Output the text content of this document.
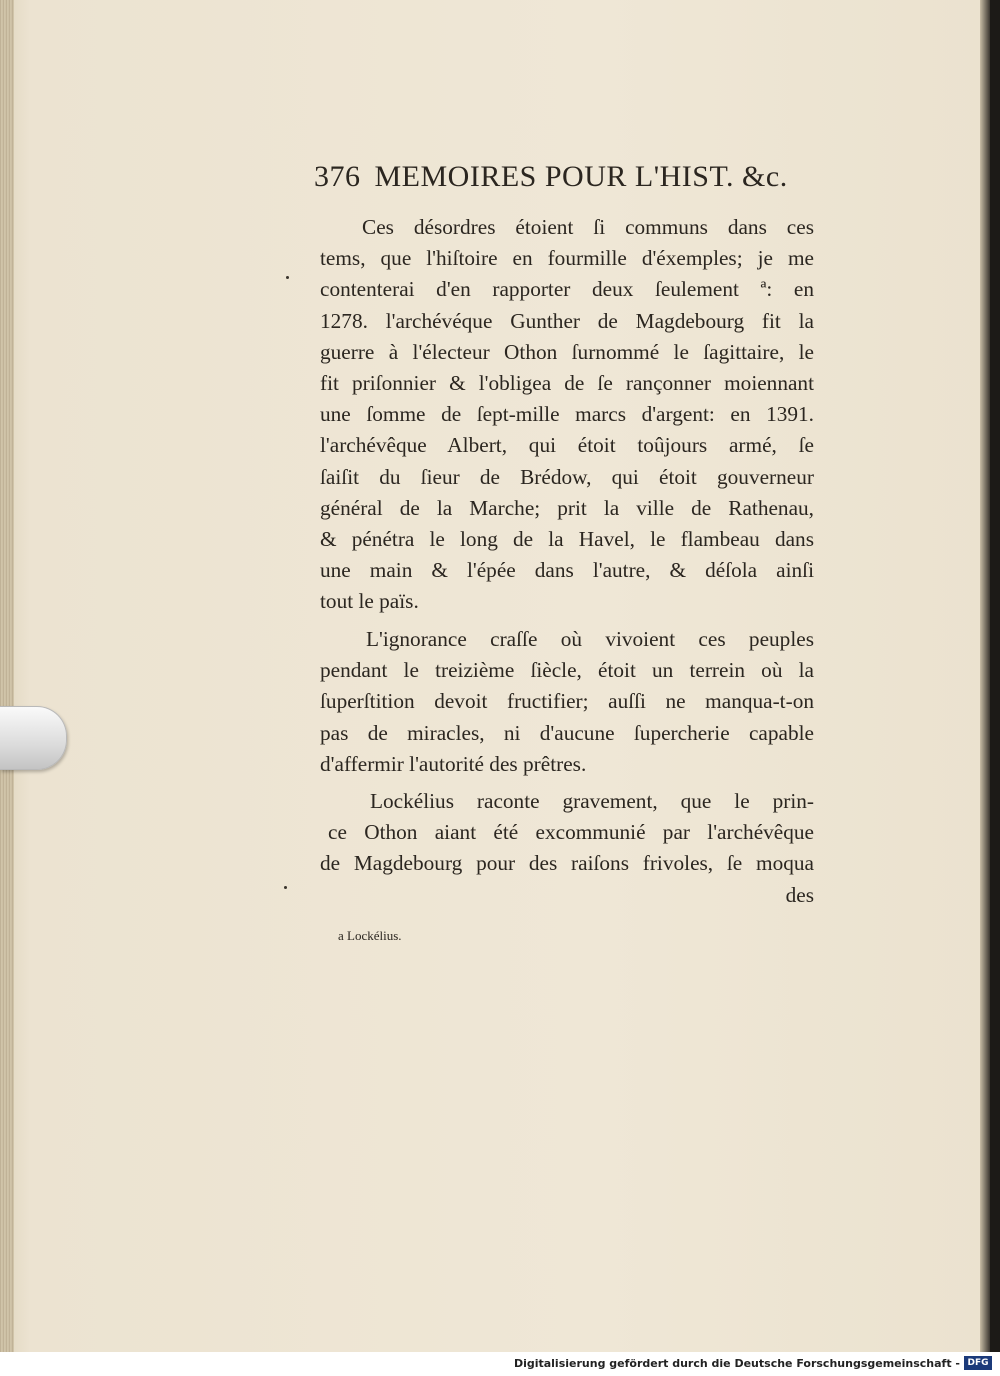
376 MEMOIRES POUR L'HIST. &c.
Ces désordres étoient ſi communs dans ces
tems, que l'hiſtoire en fourmille d'éxemples; je me
contenterai d'en rapporter deux ſeulement ª: en
1278. l'archévéque Gunther de Magdebourg fit la
guerre à l'électeur Othon ſurnommé le ſagittaire, le
fit priſonnier & l'obligea de ſe rançonner moiennant
une ſomme de ſept-mille marcs d'argent: en 1391.
l'archévêque Albert, qui étoit toûjours armé, ſe
ſaiſit du ſieur de Brédow, qui étoit gouverneur
général de la Marche; prit la ville de Rathenau,
& pénétra le long de la Havel, le flambeau dans
une main & l'épée dans l'autre, & déſola ainſi
tout le païs.
L'ignorance craſſe où vivoient ces peuples
pendant le treizième ſiècle, étoit un terrein où la
ſuperſtition devoit fructifier; auſſi ne manqua-t-on
pas de miracles, ni d'aucune ſupercherie capable
d'affermir l'autorité des prêtres.
Lockélius raconte gravement, que le prin-
ce Othon aiant été excommunié par l'archévêque
de Magdebourg pour des raiſons frivoles, ſe moqua
des
a Lockélius.
Digitalisierung gefördert durch die Deutsche Forschungsgemeinschaft - DFG
